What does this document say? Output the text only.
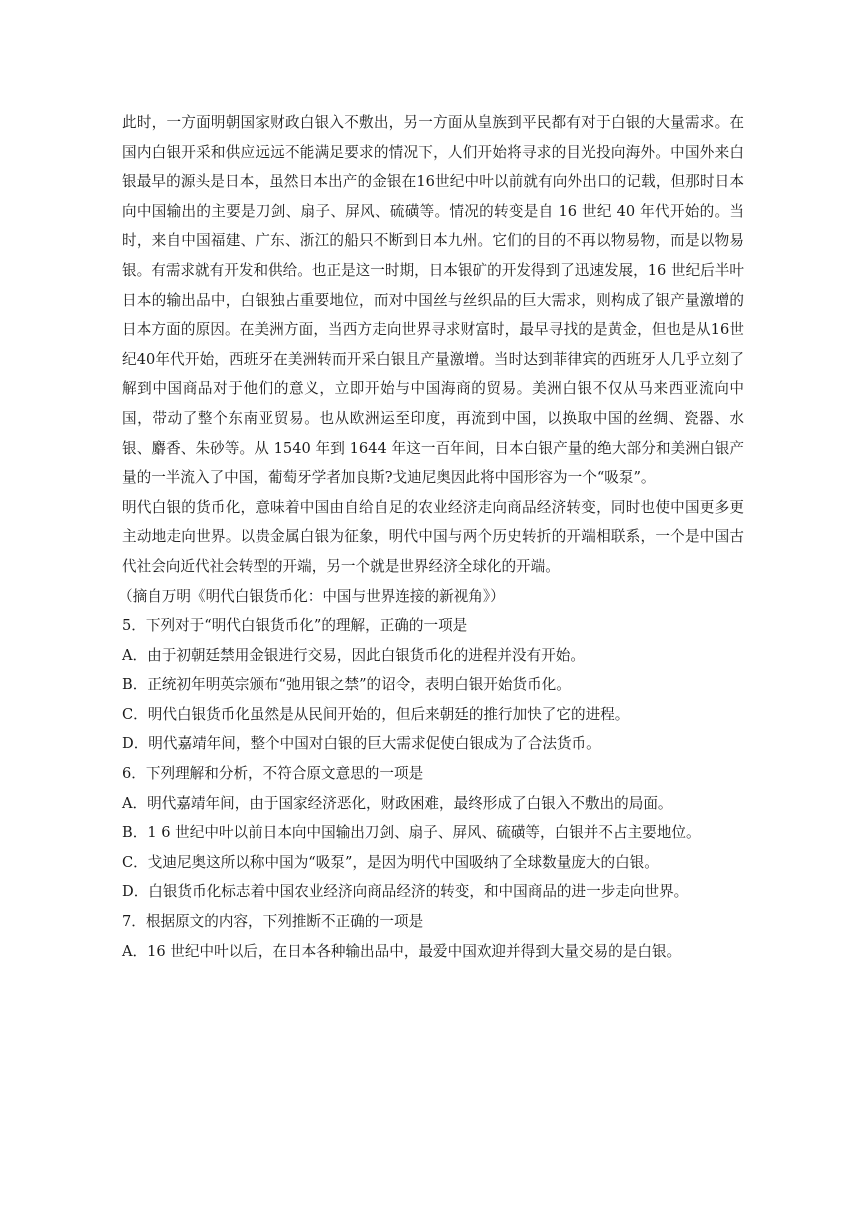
此时，一方面明朝国家财政白银入不敷出，另一方面从皇族到平民都有对于白银的大量需求。在国内白银开采和供应远远不能满足要求的情况下，人们开始将寻求的目光投向海外。中国外来白银最早的源头是日本，虽然日本出产的金银在16世纪中叶以前就有向外出口的记载，但那时日本向中国输出的主要是刀剑、扇子、屏风、硫磺等。情况的转变是自 16 世纪 40 年代开始的。当时，来自中国福建、广东、浙江的船只不断到日本九州。它们的目的不再以物易物，而是以物易银。有需求就有开发和供给。也正是这一时期，日本银矿的开发得到了迅速发展，16 世纪后半叶日本的输出品中，白银独占重要地位，而对中国丝与丝织品的巨大需求，则构成了银产量激增的日本方面的原因。在美洲方面，当西方走向世界寻求财富时，最早寻找的是黄金，但也是从16世纪40年代开始，西班牙在美洲转而开采白银且产量激增。当时达到菲律宾的西班牙人几乎立刻了解到中国商品对于他们的意义，立即开始与中国海商的贸易。美洲白银不仅从马来西亚流向中国，带动了整个东南亚贸易。也从欧洲运至印度，再流到中国，以换取中国的丝绸、瓷器、水银、麝香、朱砂等。从 1540 年到 1644 年这一百年间，日本白银产量的绝大部分和美洲白银产量的一半流入了中国，葡萄牙学者加良斯?戈迪尼奥因此将中国形容为一个“吸泵”。

明代白银的货币化，意味着中国由自给自足的农业经济走向商品经济转变，同时也使中国更多更主动地走向世界。以贵金属白银为征象，明代中国与两个历史转折的开端相联系，一个是中国古代社会向近代社会转型的开端，另一个就是世界经济全球化的开端。

（摘自万明《明代白银货币化：中国与世界连接的新视角》）

5．下列对于“明代白银货币化”的理解，正确的一项是

A．由于初朝廷禁用金银进行交易，因此白银货币化的进程并没有开始。

B．正统初年明英宗颁布“弛用银之禁”的诏令，表明白银开始货币化。

C．明代白银货币化虽然是从民间开始的，但后来朝廷的推行加快了它的进程。

D．明代嘉靖年间，整个中国对白银的巨大需求促使白银成为了合法货币。

6．下列理解和分析，不符合原文意思的一项是

A．明代嘉靖年间，由于国家经济恶化，财政困难，最终形成了白银入不敷出的局面。

B．1 6 世纪中叶以前日本向中国输出刀剑、扇子、屏风、硫磺等，白银并不占主要地位。

C．戈迪尼奥这所以称中国为“吸泵”，是因为明代中国吸纳了全球数量庞大的白银。

D．白银货币化标志着中国农业经济向商品经济的转变，和中国商品的进一步走向世界。

7．根据原文的内容，下列推断不正确的一项是

A．16 世纪中叶以后，在日本各种输出品中，最爱中国欢迎并得到大量交易的是白银。
